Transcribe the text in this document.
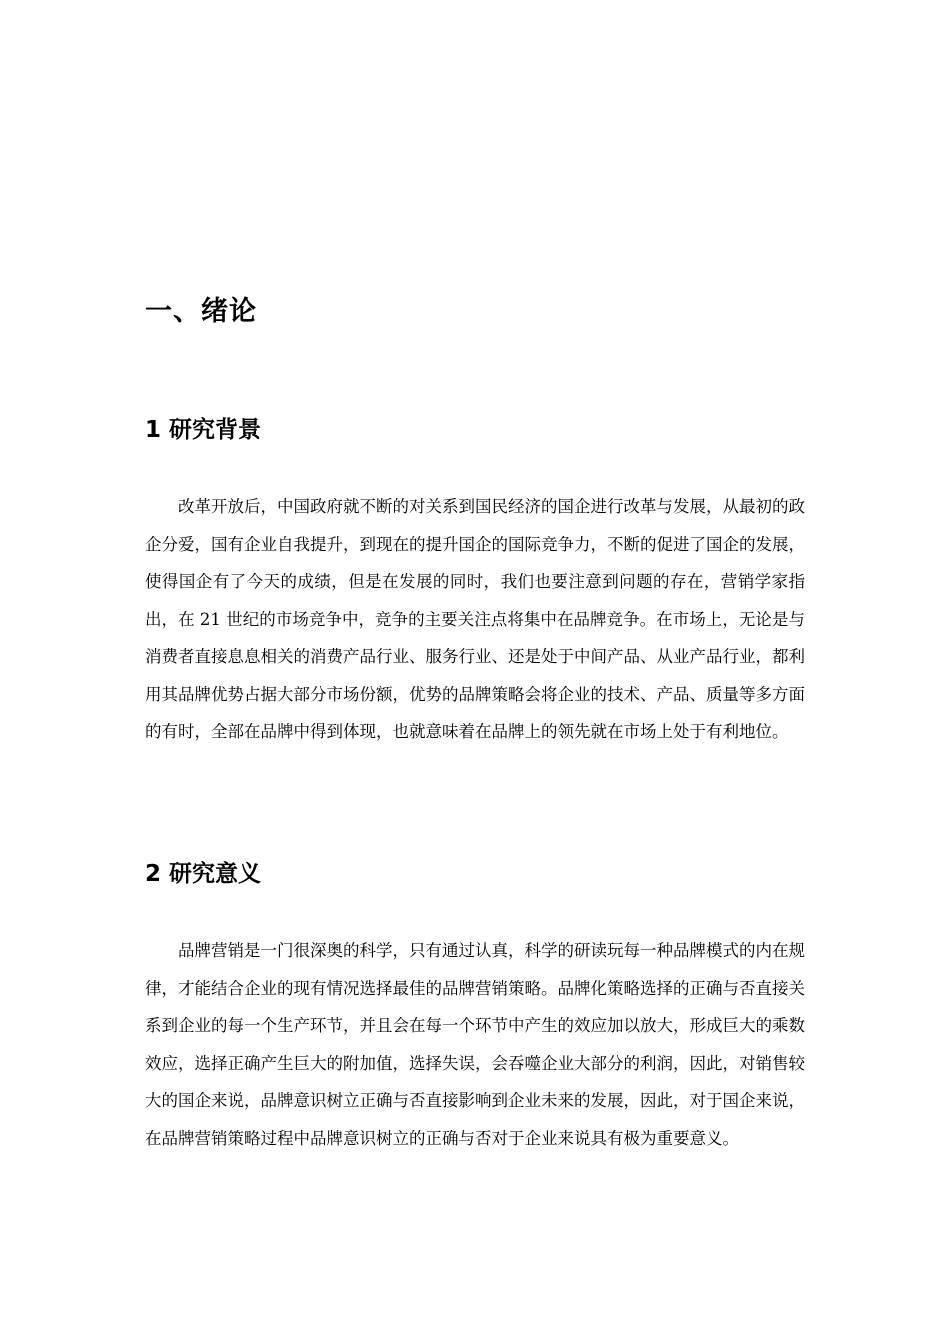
一、绪论
1 研究背景

改革开放后，中国政府就不断的对关系到国民经济的国企进行改革与发展，从最初的政企分爱，国有企业自我提升，到现在的提升国企的国际竞争力，不断的促进了国企的发展，使得国企有了今天的成绩，但是在发展的同时，我们也要注意到问题的存在，营销学家指出，在 21 世纪的市场竞争中，竞争的主要关注点将集中在品牌竞争。在市场上，无论是与消费者直接息息相关的消费产品行业、服务行业、还是处于中间产品、从业产品行业，都利用其品牌优势占据大部分市场份额，优势的品牌策略会将企业的技术、产品、质量等多方面的有时，全部在品牌中得到体现，也就意味着在品牌上的领先就在市场上处于有利地位。

2 研究意义

品牌营销是一门很深奥的科学，只有通过认真，科学的研读玩每一种品牌模式的内在规律，才能结合企业的现有情况选择最佳的品牌营销策略。品牌化策略选择的正确与否直接关系到企业的每一个生产环节，并且会在每一个环节中产生的效应加以放大，形成巨大的乘数效应，选择正确产生巨大的附加值，选择失误，会吞噬企业大部分的利润，因此，对销售较大的国企来说，品牌意识树立正确与否直接影响到企业未来的发展，因此，对于国企来说，在品牌营销策略过程中品牌意识树立的正确与否对于企业来说具有极为重要意义。
